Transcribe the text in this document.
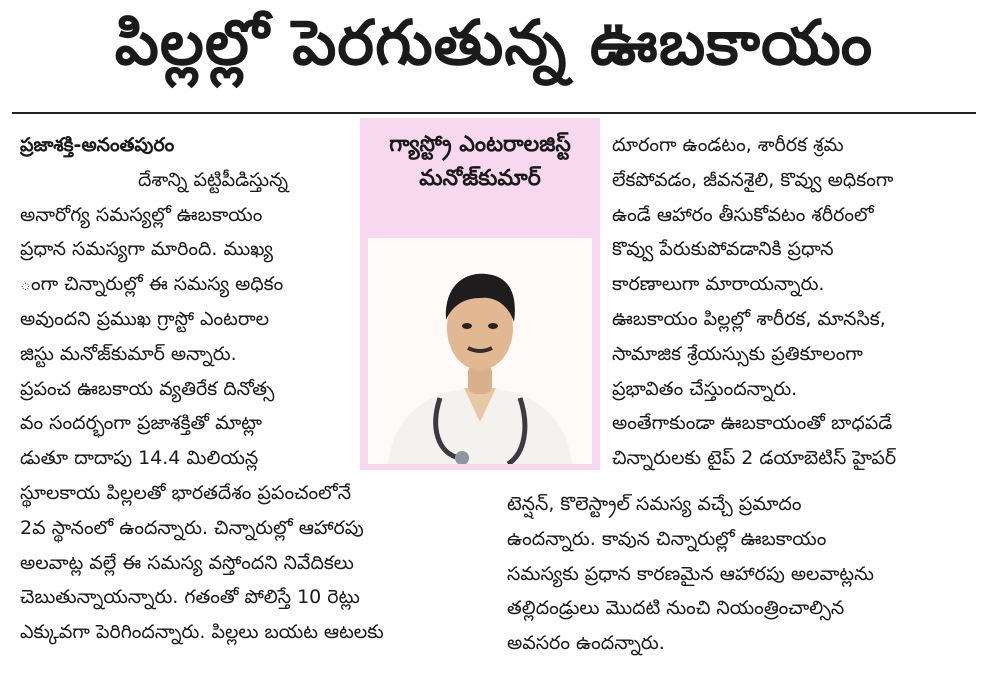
పిల్లల్లో పెరగుతున్న ఊబకాయం
ప్రజాశక్తి-అనంతపురం
దేశాన్ని పట్టిపీడిస్తున్న
అనారోగ్య సమస్యల్లో ఊబకాయం
ప్రధాన సమస్యగా మారింది. ముఖ్య
ంగా చిన్నారుల్లో ఈ సమస్య అధికం
అవుందని ప్రముఖ గ్రాస్టో ఎంటరాల
జిస్టు మనోజ్‌కుమార్ అన్నారు.
ప్రపంచ ఊబకాయ వ్యతిరేక దినోత్స
వం సందర్భంగా ప్రజాశక్తితో మాట్లా
డుతూ దాదాపు 14.4 మిలియన్ల
స్థూలకాయ పిల్లలతో భారతదేశం ప్రపంచంలోనే
2వ స్థానంలో ఉందన్నారు. చిన్నారుల్లో ఆహారపు
అలవాట్ల వల్లే ఈ సమస్య వస్తోందని నివేదికలు
చెబుతున్నాయన్నారు. గతంతో పోలిస్తే 10 రెట్లు
ఎక్కువగా పెరిగిందన్నారు. పిల్లలు బయట ఆటలకు
గ్యాస్ట్రో ఎంటరాలజిస్ట్
మనోజ్‌కుమార్
దూరంగా ఉండటం, శారీరక శ్రమ
లేకపోవడం, జీవనశైలి, కొవ్వు అధికంగా
ఉండే ఆహారం తీసుకోవటం శరీరంలో
కొవ్వు పేరుకుపోవడానికి ప్రధాన
కారణాలుగా మారాయన్నారు.
ఊబకాయం పిల్లల్లో శారీరక, మానసిక,
సామాజిక శ్రేయస్సుకు ప్రతికూలంగా
ప్రభావితం చేస్తుందన్నారు.
అంతేగాకుండా ఊబకాయంతో బాధపడే
చిన్నారులకు టైప్ 2 డయాబెటిస్ హైపర్
టెన్షన్, కొలెస్ట్రాల్ సమస్య వచ్చే ప్రమాదం
ఉందన్నారు. కావున చిన్నారుల్లో ఊబకాయం
సమస్యకు ప్రధాన కారణమైన ఆహారపు అలవాట్లను
తల్లిదండ్రులు మొదటి నుంచి నియంత్రించాల్సిన
అవసరం ఉందన్నారు.
